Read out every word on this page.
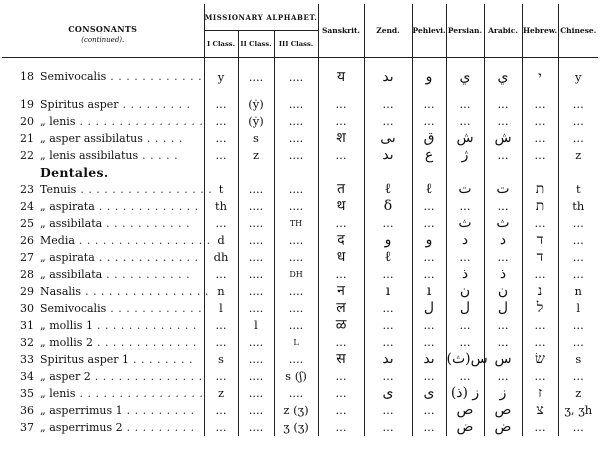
CONSONANTS
(continued).	MISSIONARY ALPHABET.			Sanskrit.	Zend.	Pehlevi.	Persian.	Arabic.	Hebrew.	Chinese.
	I Class.	II Class.	III Class.							
18 Semivocalis . . . . . . . . . . . .	y	....	....	य	ىد	و	ي	ي	י	y
19 Spiritus asper . . . . . . . . .	...	(ẏ)	....	...	...	...	...	...	...	...
20 „ lenis . . . . . . . . . . . . . . . .	...	(ẏ)	....	...	...	...	...	...	...	...
21 „ asper assibilatus . . . . .	...	s	....	श	ىى	ق	ش	ش	...	...
22 „ lenis assibilatus . . . . .	...	z	....	...	ىد	ع	ژ	...	...	z
Dentales.										
23 Tenuis . . . . . . . . . . . . . . . . .	t	....	....	त	ℓ	ℓ	ت	ت	ת	t
24 „ aspirata . . . . . . . . . . . . .	th	....	....	थ	δ	...	...	...	ת	th
25 „ assibilata . . . . . . . . . . .	...	....	TH	...	...	...	ث	ث	...	...
26 Media . . . . . . . . . . . . . . . . .	d	....	....	द	و	و	د	د	ד	...
27 „ aspirata . . . . . . . . . . . . .	dh	....	....	ध	ℓ	...	...	...	ד	...
28 „ assibilata . . . . . . . . . . .	...	....	DH	...	...	...	ذ	ذ	...	...
29 Nasalis . . . . . . . . . . . . . . . .	n	....	....	न	ı	ı	ن	ن	נ	n
30 Semivocalis . . . . . . . . . . . .	l	....	....	ल	...	ل	ل	ل	ל	l
31 „ mollis 1 . . . . . . . . . . . . .	...	l	....	ळ	...	...	...	...	...	...
32 „ mollis 2 . . . . . . . . . . . . .	...	....	L	...	...	...	...	...	...	...
33 Spiritus asper 1 . . . . . . . .	s	....	....	स	ىد	ىد	(ث)س	س	שׂ	s
34 „ asper 2 . . . . . . . . . . . . . .	...	....	s (ʃ)	...	...	...	...	...	...	...
35 „ lenis . . . . . . . . . . . . . . . .	z	....	....	...	ى	ى	ز (ذ)	ز	ז	z
36 „ asperrimus 1 . . . . . . . . .	...	....	z (ʒ)	...	...	...	ص	ص	צ	ʒ, ʒh
37 „ asperrimus 2 . . . . . . . . .	...	....	ʒ (ʒ)	...	...	...	ض	ض	...	...
